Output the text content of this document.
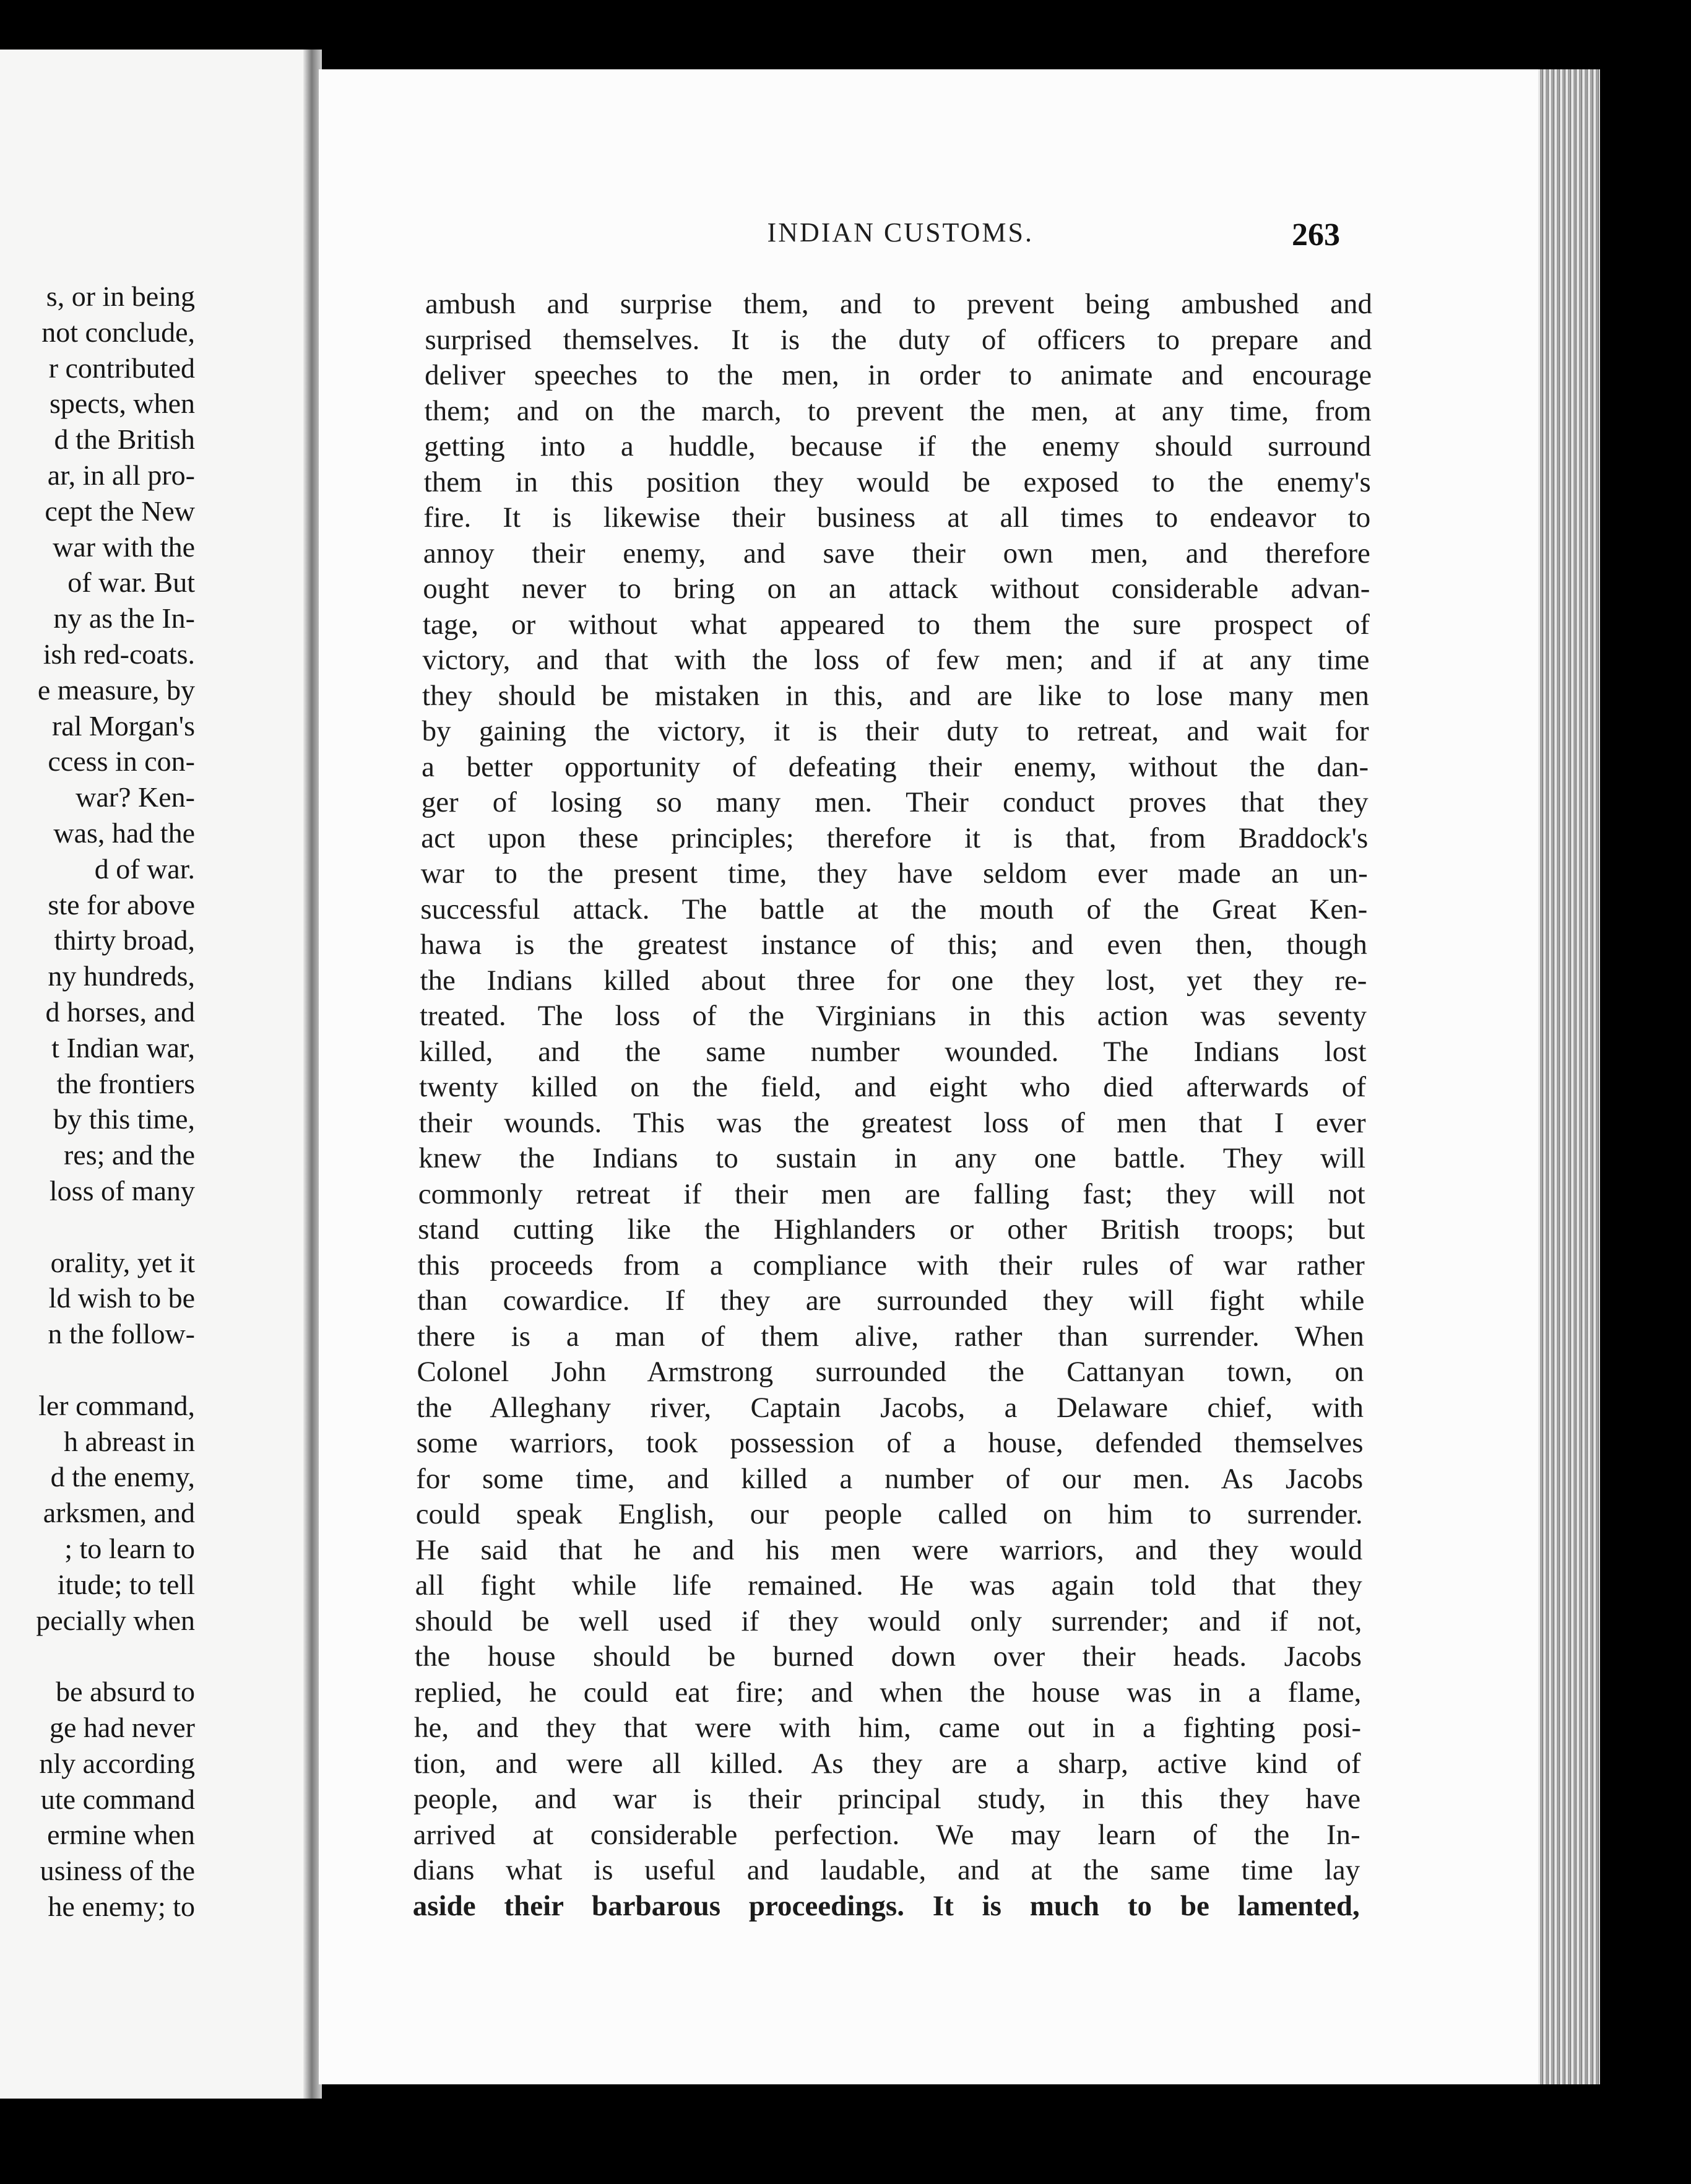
s, or in being
not conclude,
r contributed
spects, when
d the British
ar, in all pro-
cept the New
war with the
of war. But
ny as the In-
ish red-coats.
e measure, by
ral Morgan's
ccess in con-
war? Ken-
was, had the
d of war.
ste for above
thirty broad,
ny hundreds,
d horses, and
t Indian war,
the frontiers
by this time,
res; and the
loss of many
orality, yet it
ld wish to be
n the follow-
ler command,
h abreast in
d the enemy,
arksmen, and
; to learn to
itude; to tell
pecially when
be absurd to
ge had never
nly according
ute command
ermine when
usiness of the
he enemy; to
INDIAN CUSTOMS.	263
ambush and surprise them, and to prevent being ambushed and
surprised themselves. It is the duty of officers to prepare and
deliver speeches to the men, in order to animate and encourage
them; and on the march, to prevent the men, at any time, from
getting into a huddle, because if the enemy should surround
them in this position they would be exposed to the enemy's
fire. It is likewise their business at all times to endeavor to
annoy their enemy, and save their own men, and therefore
ought never to bring on an attack without considerable advan-
tage, or without what appeared to them the sure prospect of
victory, and that with the loss of few men; and if at any time
they should be mistaken in this, and are like to lose many men
by gaining the victory, it is their duty to retreat, and wait for
a better opportunity of defeating their enemy, without the dan-
ger of losing so many men. Their conduct proves that they
act upon these principles; therefore it is that, from Braddock's
war to the present time, they have seldom ever made an un-
successful attack. The battle at the mouth of the Great Ken-
hawa is the greatest instance of this; and even then, though
the Indians killed about three for one they lost, yet they re-
treated. The loss of the Virginians in this action was seventy
killed, and the same number wounded. The Indians lost
twenty killed on the field, and eight who died afterwards of
their wounds. This was the greatest loss of men that I ever
knew the Indians to sustain in any one battle. They will
commonly retreat if their men are falling fast; they will not
stand cutting like the Highlanders or other British troops; but
this proceeds from a compliance with their rules of war rather
than cowardice. If they are surrounded they will fight while
there is a man of them alive, rather than surrender. When
Colonel John Armstrong surrounded the Cattanyan town, on
the Alleghany river, Captain Jacobs, a Delaware chief, with
some warriors, took possession of a house, defended themselves
for some time, and killed a number of our men. As Jacobs
could speak English, our people called on him to surrender.
He said that he and his men were warriors, and they would
all fight while life remained. He was again told that they
should be well used if they would only surrender; and if not,
the house should be burned down over their heads. Jacobs
replied, he could eat fire; and when the house was in a flame,
he, and they that were with him, came out in a fighting posi-
tion, and were all killed. As they are a sharp, active kind of
people, and war is their principal study, in this they have
arrived at considerable perfection. We may learn of the In-
dians what is useful and laudable, and at the same time lay
aside their barbarous proceedings. It is much to be lamented,
